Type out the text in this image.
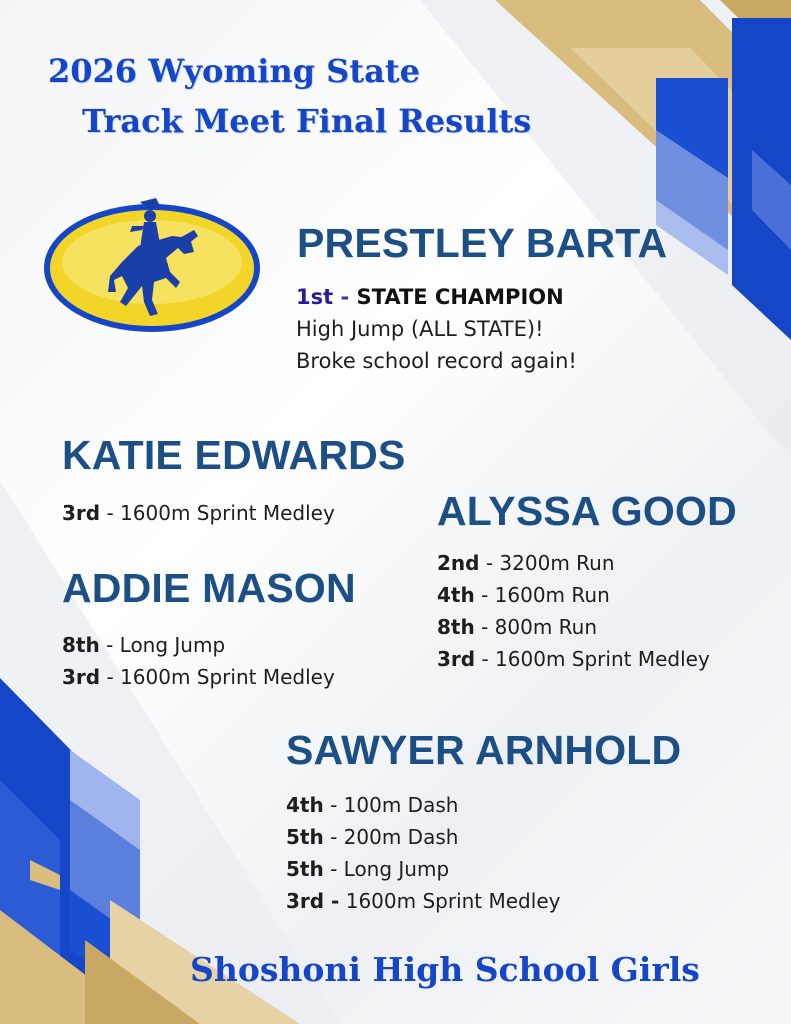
2026 Wyoming State
Track Meet Final Results
PRESTLEY BARTA
1st - STATE CHAMPION
High Jump (ALL STATE)!
Broke school record again!
KATIE EDWARDS
3rd - 1600m Sprint Medley
ADDIE MASON
8th - Long Jump
3rd - 1600m Sprint Medley
ALYSSA GOOD
2nd - 3200m Run
4th - 1600m Run
8th - 800m Run
3rd - 1600m Sprint Medley
SAWYER ARNHOLD
4th - 100m Dash
5th - 200m Dash
5th - Long Jump
3rd - 1600m Sprint Medley
Shoshoni High School Girls
